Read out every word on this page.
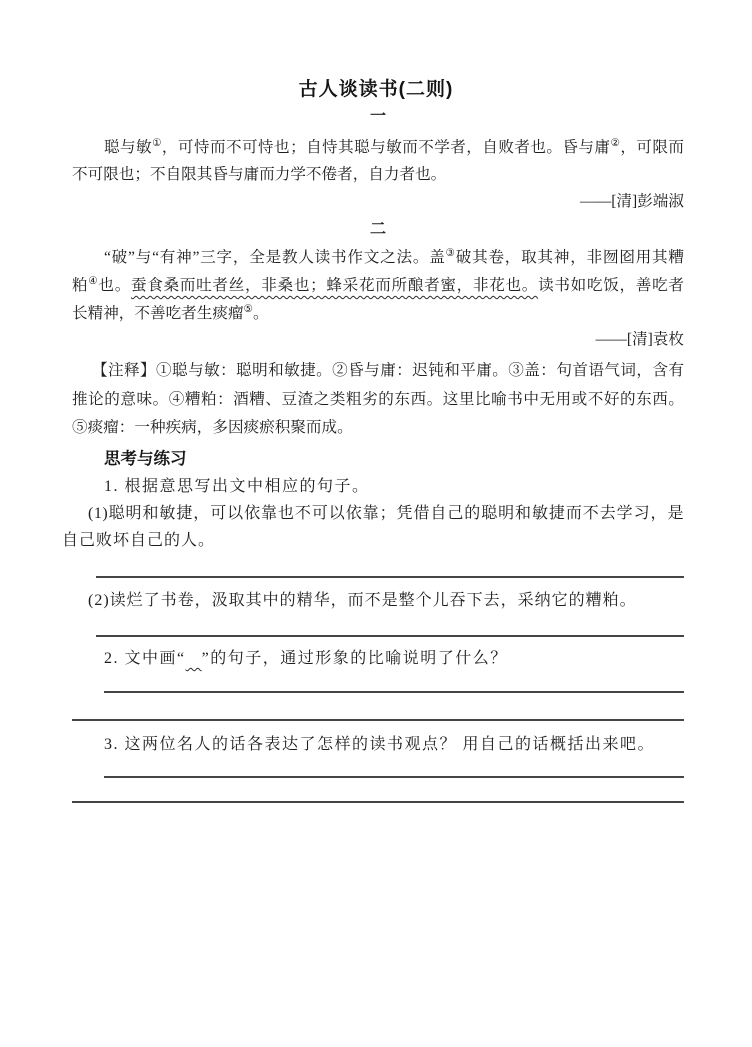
古人谈读书(二则)
一
聪与敏①，可恃而不可恃也；自恃其聪与敏而不学者，自败者也。昏与庸②，可限而
不可限也；不自限其昏与庸而力学不倦者，自力者也。
——[清]彭端淑
二
“破”与“有神”三字，全是教人读书作文之法。盖③破其卷，取其神，非囫囵用其糟
粕④也。蚕食桑而吐者丝，非桑也；蜂采花而所酿者蜜，非花也。读书如吃饭，善吃者
长精神，不善吃者生痰瘤⑤。
——[清]袁枚
【注释】①聪与敏：聪明和敏捷。②昏与庸：迟钝和平庸。③盖：句首语气词，含有
推论的意味。④糟粕：酒糟、豆渣之类粗劣的东西。这里比喻书中无用或不好的东西。
⑤痰瘤：一种疾病，多因痰瘀积聚而成。
思考与练习
1. 根据意思写出文中相应的句子。
(1)聪明和敏捷，可以依靠也不可以依靠；凭借自己的聪明和敏捷而不去学习，是
自己败坏自己的人。
(2)读烂了书卷，汲取其中的精华，而不是整个儿吞下去，采纳它的糟粕。
2. 文中画“ ”的句子，通过形象的比喻说明了什么？
3. 这两位名人的话各表达了怎样的读书观点？ 用自己的话概括出来吧。
